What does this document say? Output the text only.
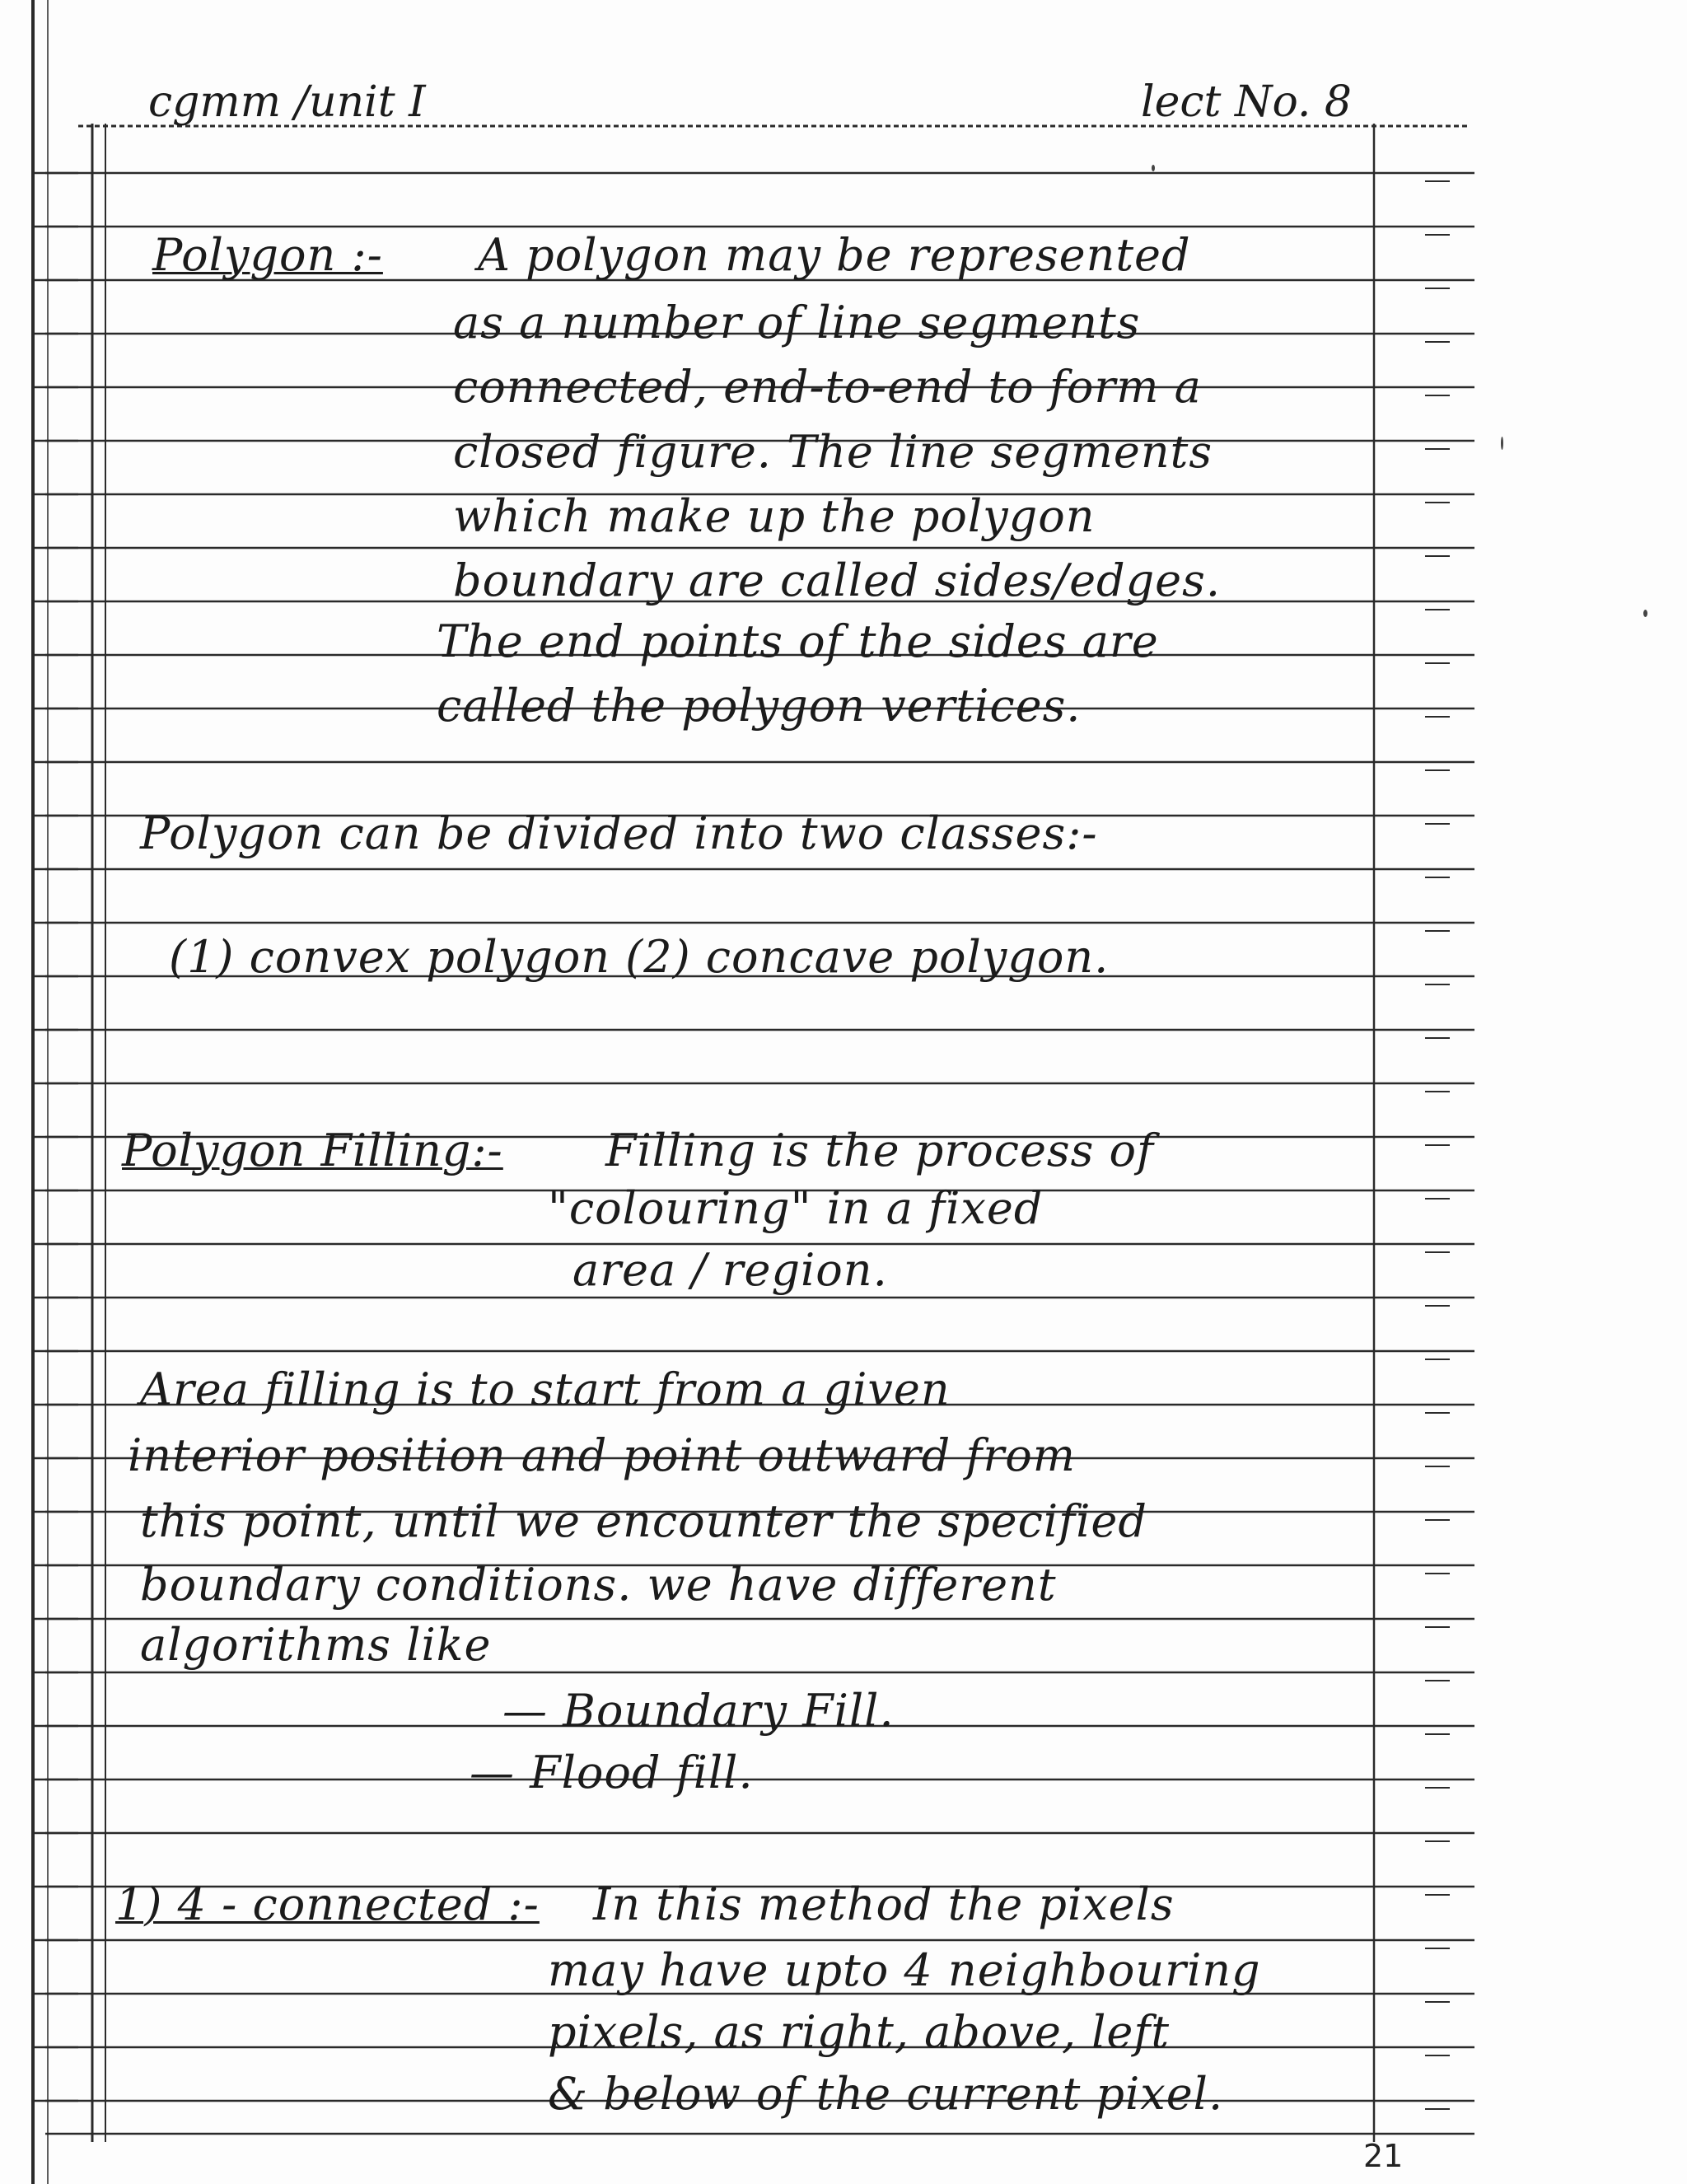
cgmm /unit I	lect No. 8
Polygon :- A polygon may be represented
as a number of line segments
connected, end-to-end to form a
closed figure. The line segments
which make up the polygon
boundary are called sides/edges.
The end points of the sides are
called the polygon vertices.
Polygon can be divided into two classes:-
(1) convex polygon (2) concave polygon.
Polygon Filling:- Filling is the process of
"colouring" in a fixed
area / region.
Area filling is to start from a given
interior position and point outward from
this point, until we encounter the specified
boundary conditions. we have different
algorithms like
— Boundary Fill.
— Flood fill.
1) 4 - connected :- In this method the pixels
may have upto 4 neighbouring
pixels, as right, above, left
& below of the current pixel.
21
